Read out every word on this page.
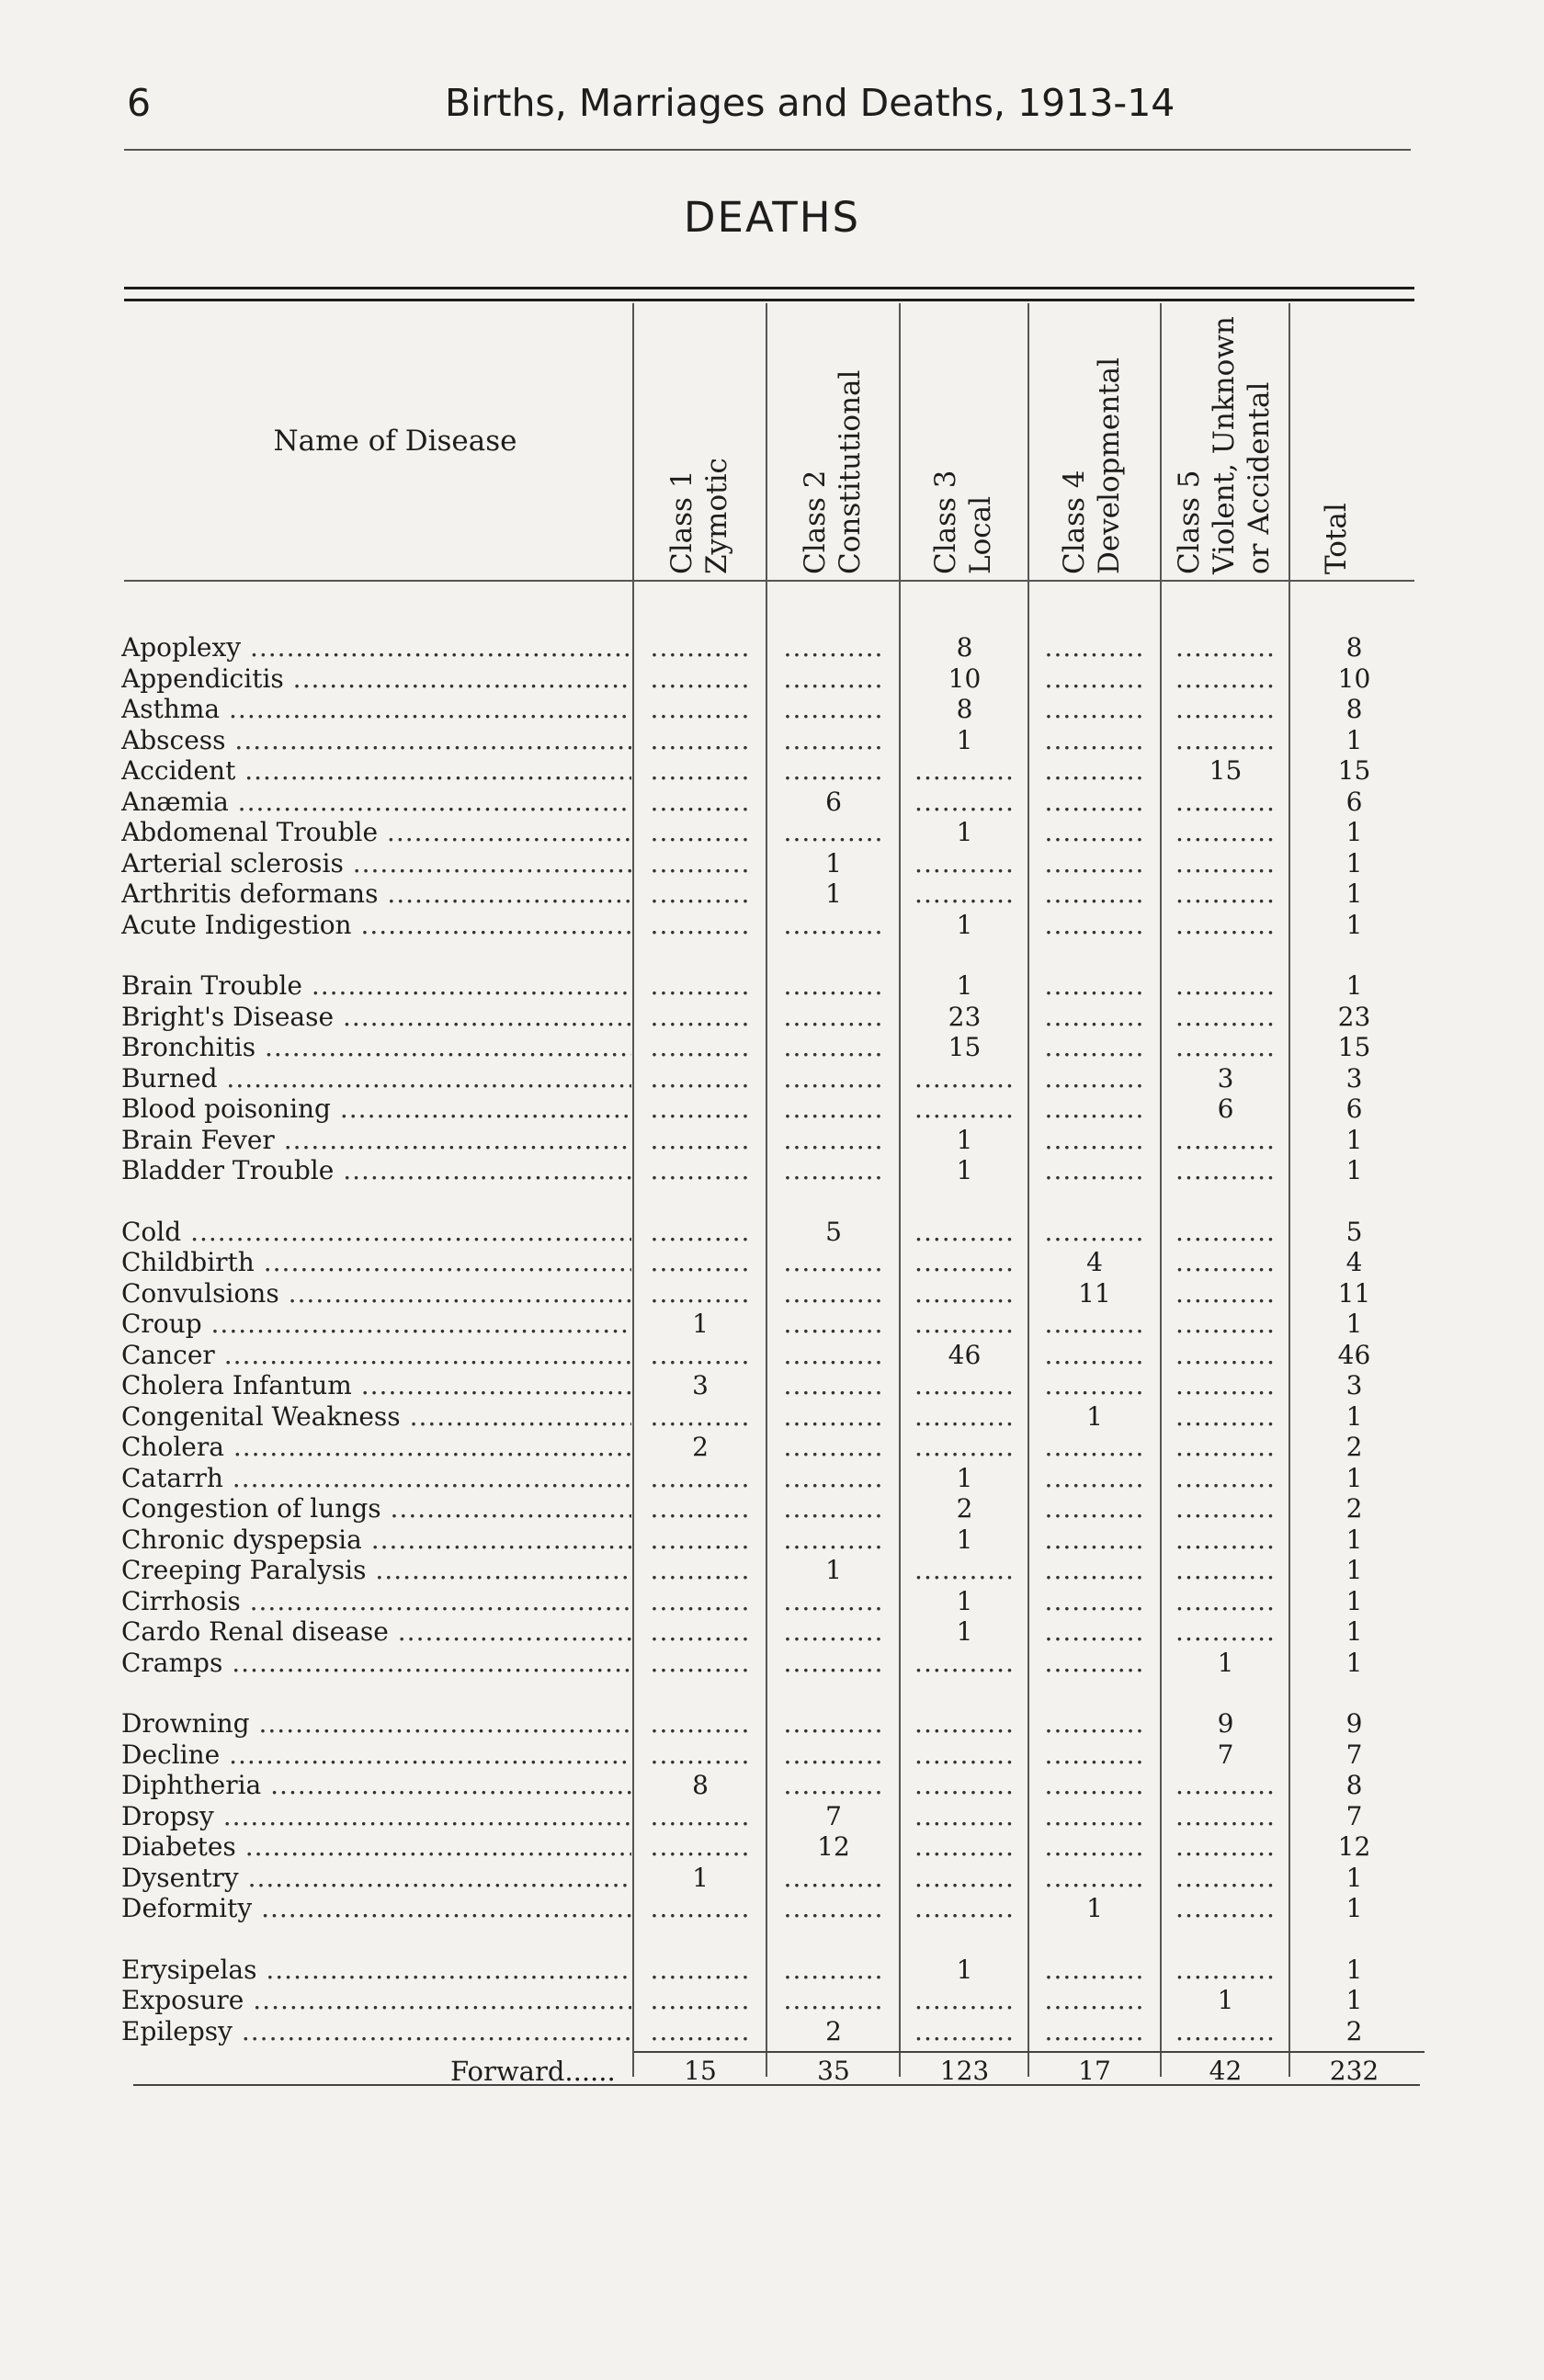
6	Births, Marriages and Deaths, 1913-14
DEATHS
Name of Disease
Class 1 Zymotic Class 2 Constitutional Class 3 Local Class 4 Developmental Class 5 Violent, Unknown or Accidental Total
Apoplexy .....	...........	...........	8	...........	...........	8
Appendicitis .....	...........	...........	10	...........	...........	10
Asthma .....	...........	...........	8	...........	...........	8
Abscess .....	...........	...........	1	...........	...........	1
Accident .....	...........	...........	...........	...........	15	15
Anæmia .....	...........	6	...........	...........	...........	6
Abdomenal Trouble .....	...........	...........	1	...........	...........	1
Arterial sclerosis .....	...........	1	...........	...........	...........	1
Arthritis deformans .....	...........	1	...........	...........	...........	1
Acute Indigestion .....	...........	...........	1	...........	...........	1
Brain Trouble .....	...........	...........	1	...........	...........	1
Bright's Disease .....	...........	...........	23	...........	...........	23
Bronchitis .....	...........	...........	15	...........	...........	15
Burned .....	...........	...........	...........	...........	3	3
Blood poisoning .....	...........	...........	...........	...........	6	6
Brain Fever .....	...........	...........	1	...........	...........	1
Bladder Trouble .....	...........	...........	1	...........	...........	1
Cold .....	...........	5	...........	...........	...........	5
Childbirth .....	...........	...........	...........	4	...........	4
Convulsions .....	...........	...........	...........	11	...........	11
Croup .....	1	...........	...........	...........	...........	1
Cancer .....	...........	...........	46	...........	...........	46
Cholera Infantum .....	3	...........	...........	...........	...........	3
Congenital Weakness .....	...........	...........	...........	1	...........	1
Cholera .....	2	...........	...........	...........	...........	2
Catarrh .....	...........	...........	1	...........	...........	1
Congestion of lungs .....	...........	...........	2	...........	...........	2
Chronic dyspepsia .....	...........	...........	1	...........	...........	1
Creeping Paralysis .....	...........	1	...........	...........	...........	1
Cirrhosis .....	...........	...........	1	...........	...........	1
Cardo Renal disease .....	...........	...........	1	...........	...........	1
Cramps .....	...........	...........	...........	...........	1	1
Drowning .....	...........	...........	...........	...........	9	9
Decline .....	...........	...........	...........	...........	7	7
Diphtheria .....	8	...........	...........	...........	...........	8
Dropsy .....	...........	7	...........	...........	...........	7
Diabetes .....	...........	12	...........	...........	...........	12
Dysentry .....	1	...........	...........	...........	...........	1
Deformity .....	...........	...........	...........	1	...........	1
Erysipelas .....	...........	...........	1	...........	...........	1
Exposure .....	...........	...........	...........	...........	1	1
Epilepsy .....	...........	2	...........	...........	...........	2
Forward......	15	35	123	17	42	232
